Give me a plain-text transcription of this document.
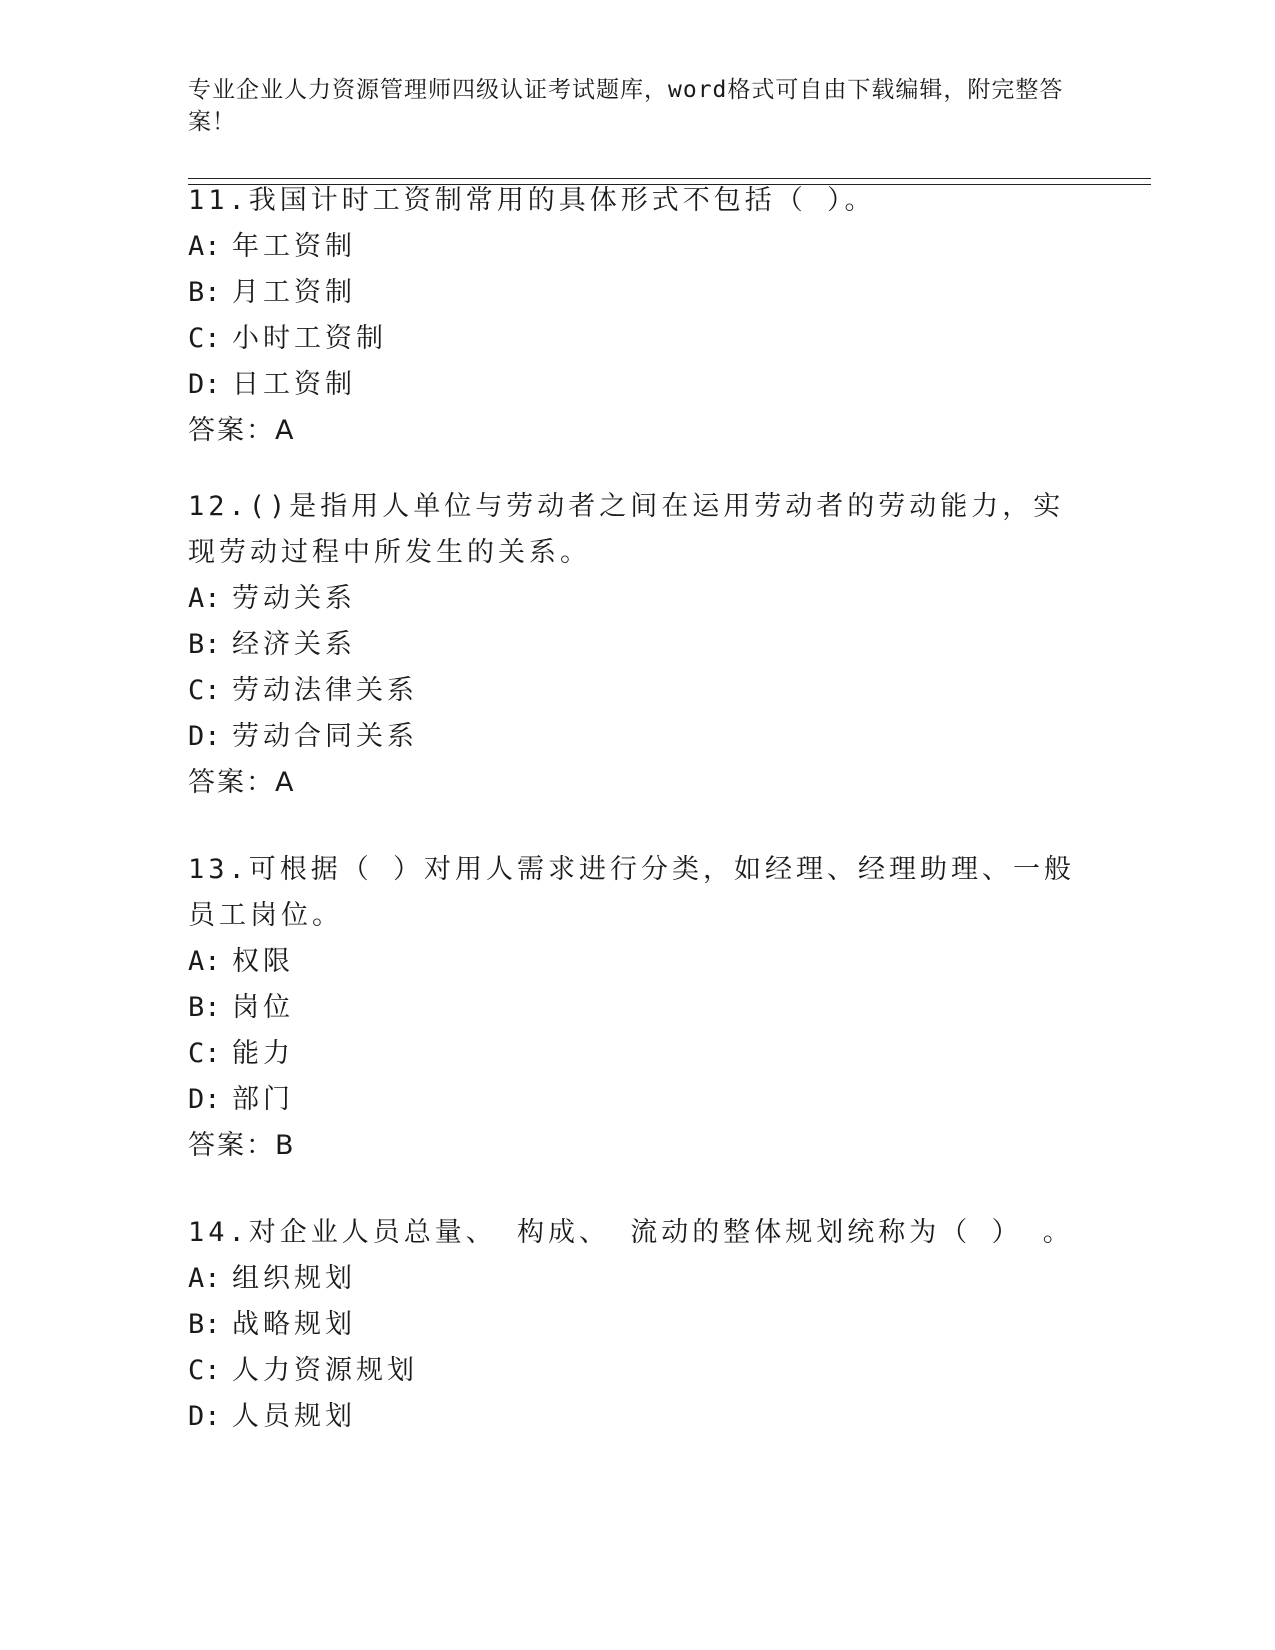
专业企业人力资源管理师四级认证考试题库，word格式可自由下载编辑，附完整答案！

11.我国计时工资制常用的具体形式不包括（ ）。

A: 年工资制

B: 月工资制

C: 小时工资制

D: 日工资制

答案：A

12.()是指用人单位与劳动者之间在运用劳动者的劳动能力，实现劳动过程中所发生的关系。

A: 劳动关系

B: 经济关系

C: 劳动法律关系

D: 劳动合同关系

答案：A

13.可根据（ ）对用人需求进行分类，如经理、经理助理、一般员工岗位。

A: 权限

B: 岗位

C: 能力

D: 部门

答案：B

14.对企业人员总量、 构成、 流动的整体规划统称为（ ） 。

A: 组织规划

B: 战略规划

C: 人力资源规划

D: 人员规划
